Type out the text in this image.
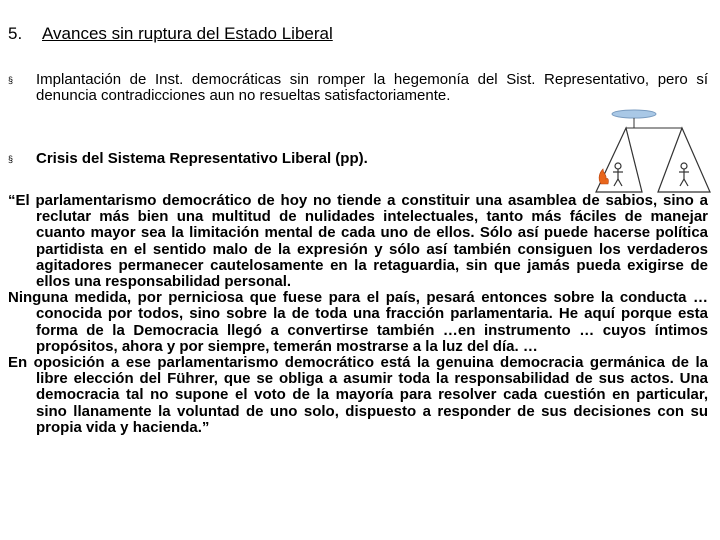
5. Avances sin ruptura del Estado Liberal
§ Implantación de Inst. democráticas sin romper la hegemonía del Sist. Representativo, pero sí denuncia contradicciones aun no resueltas satisfactoriamente.
§ Crisis del Sistema Representativo Liberal (pp).

“El parlamentarismo democrático de hoy no tiende a constituir una asamblea de sabios, sino a reclutar más bien una multitud de nulidades intelectuales, tanto más fáciles de manejar cuanto mayor sea la limitación mental de cada uno de ellos. Sólo así puede hacerse política partidista en el sentido malo de la expresión y sólo así también consiguen los verdaderos agitadores permanecer cautelosamente en la retaguardia, sin que jamás pueda exigirse de ellos una responsabilidad personal.

Ninguna medida, por perniciosa que fuese para el país, pesará entonces sobre la conducta … conocida por todos, sino sobre la de toda una fracción parlamentaria. He aquí porque esta forma de la Democracia llegó a convertirse también …en instrumento … cuyos íntimos propósitos, ahora y por siempre, temerán mostrarse a la luz del día. …

En oposición a ese parlamentarismo democrático está la genuina democracia germánica de la libre elección del Führer, que se obliga a asumir toda la responsabilidad de sus actos. Una democracia tal no supone el voto de la mayoría para resolver cada cuestión en particular, sino llanamente la voluntad de uno solo, dispuesto a responder de sus decisiones con su propia vida y hacienda.”
